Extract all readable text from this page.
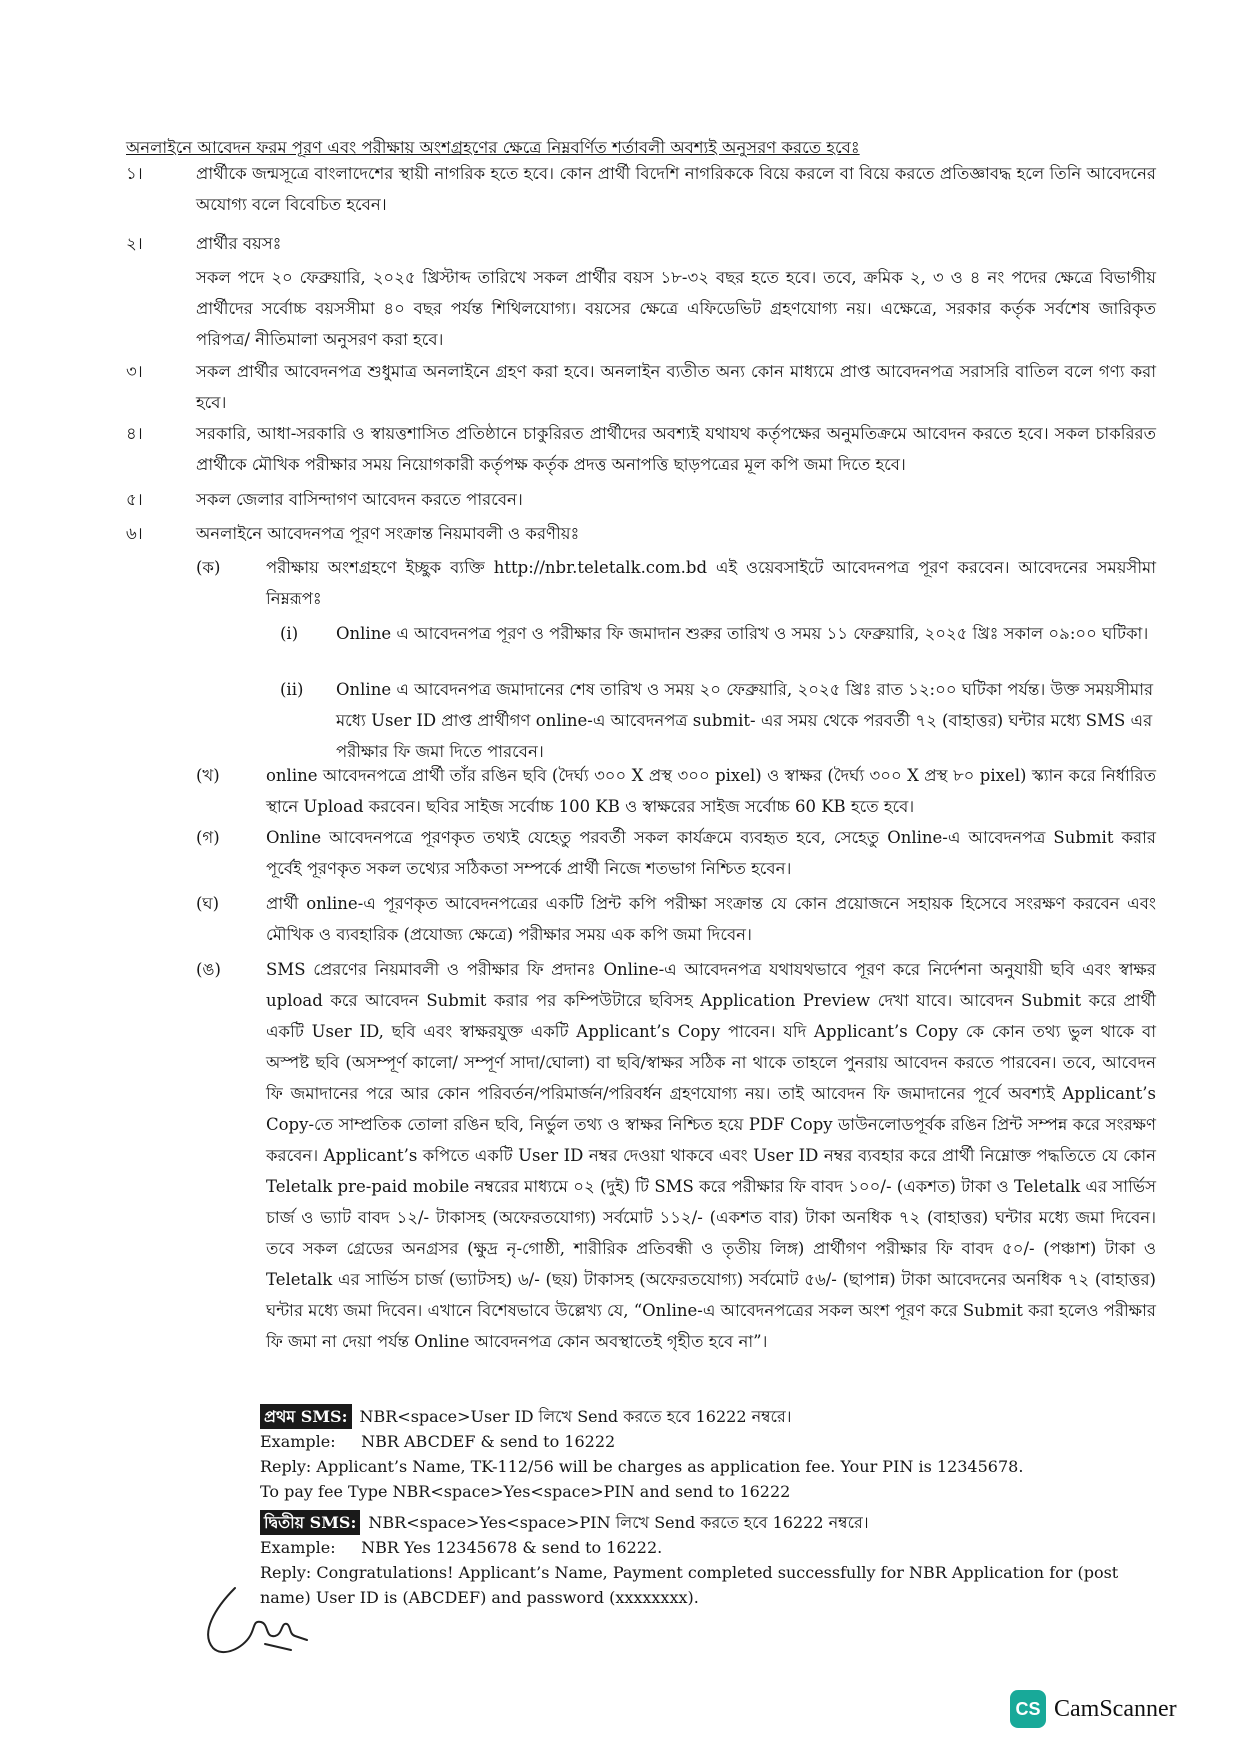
অনলাইনে আবেদন ফরম পূরণ এবং পরীক্ষায় অংশগ্রহণের ক্ষেত্রে নিম্নবর্ণিত শর্তাবলী অবশ্যই অনুসরণ করতে হবেঃ
১।	প্রার্থীকে জন্মসূত্রে বাংলাদেশের স্থায়ী নাগরিক হতে হবে। কোন প্রার্থী বিদেশি নাগরিককে বিয়ে করলে বা বিয়ে করতে প্রতিজ্ঞাবদ্ধ হলে তিনি আবেদনের অযোগ্য বলে বিবেচিত হবেন।
২।	প্রার্থীর বয়সঃ
সকল পদে ২০ ফেব্রুয়ারি, ২০২৫ খ্রিস্টাব্দ তারিখে সকল প্রার্থীর বয়স ১৮-৩২ বছর হতে হবে। তবে, ক্রমিক ২, ৩ ও ৪ নং পদের ক্ষেত্রে বিভাগীয় প্রার্থীদের সর্বোচ্চ বয়সসীমা ৪০ বছর পর্যন্ত শিথিলযোগ্য। বয়সের ক্ষেত্রে এফিডেভিট গ্রহণযোগ্য নয়। এক্ষেত্রে, সরকার কর্তৃক সর্বশেষ জারিকৃত পরিপত্র/ নীতিমালা অনুসরণ করা হবে।
৩।	সকল প্রার্থীর আবেদনপত্র শুধুমাত্র অনলাইনে গ্রহণ করা হবে। অনলাইন ব্যতীত অন্য কোন মাধ্যমে প্রাপ্ত আবেদনপত্র সরাসরি বাতিল বলে গণ্য করা হবে।
৪।	সরকারি, আধা-সরকারি ও স্বায়ত্তশাসিত প্রতিষ্ঠানে চাকুরিরত প্রার্থীদের অবশ্যই যথাযথ কর্তৃপক্ষের অনুমতিক্রমে আবেদন করতে হবে। সকল চাকরিরত প্রার্থীকে মৌখিক পরীক্ষার সময় নিয়োগকারী কর্তৃপক্ষ কর্তৃক প্রদত্ত অনাপত্তি ছাড়পত্রের মূল কপি জমা দিতে হবে।
৫।	সকল জেলার বাসিন্দাগণ আবেদন করতে পারবেন।
৬।	অনলাইনে আবেদনপত্র পূরণ সংক্রান্ত নিয়মাবলী ও করণীয়ঃ
(ক)	পরীক্ষায় অংশগ্রহণে ইচ্ছুক ব্যক্তি http://nbr.teletalk.com.bd এই ওয়েবসাইটে আবেদনপত্র পূরণ করবেন। আবেদনের সময়সীমা নিম্নরূপঃ
(i) Online এ আবেদনপত্র পূরণ ও পরীক্ষার ফি জমাদান শুরুর তারিখ ও সময় ১১ ফেব্রুয়ারি, ২০২৫ খ্রিঃ সকাল ০৯:০০ ঘটিকা।
(ii) Online এ আবেদনপত্র জমাদানের শেষ তারিখ ও সময় ২০ ফেব্রুয়ারি, ২০২৫ খ্রিঃ রাত ১২:০০ ঘটিকা পর্যন্ত। উক্ত সময়সীমার মধ্যে User ID প্রাপ্ত প্রার্থীগণ online-এ আবেদনপত্র submit- এর সময় থেকে পরবর্তী ৭২ (বাহাত্তর) ঘন্টার মধ্যে SMS এর পরীক্ষার ফি জমা দিতে পারবেন।
(খ)	online আবেদনপত্রে প্রার্থী তাঁর রঙিন ছবি (দৈর্ঘ্য ৩০০ X প্রস্থ ৩০০ pixel) ও স্বাক্ষর (দৈর্ঘ্য ৩০০ X প্রস্থ ৮০ pixel) স্ক্যান করে নির্ধারিত স্থানে Upload করবেন। ছবির সাইজ সর্বোচ্চ 100 KB ও স্বাক্ষরের সাইজ সর্বোচ্চ 60 KB হতে হবে।
(গ)	Online আবেদনপত্রে পূরণকৃত তথ্যই যেহেতু পরবর্তী সকল কার্যক্রমে ব্যবহৃত হবে, সেহেতু Online-এ আবেদনপত্র Submit করার পূর্বেই পূরণকৃত সকল তথ্যের সঠিকতা সম্পর্কে প্রার্থী নিজে শতভাগ নিশ্চিত হবেন।
(ঘ)	প্রার্থী online-এ পূরণকৃত আবেদনপত্রের একটি প্রিন্ট কপি পরীক্ষা সংক্রান্ত যে কোন প্রয়োজনে সহায়ক হিসেবে সংরক্ষণ করবেন এবং মৌখিক ও ব্যবহারিক (প্রযোজ্য ক্ষেত্রে) পরীক্ষার সময় এক কপি জমা দিবেন।
(ঙ)	SMS প্রেরণের নিয়মাবলী ও পরীক্ষার ফি প্রদানঃ Online-এ আবেদনপত্র যথাযথভাবে পূরণ করে নির্দেশনা অনুযায়ী ছবি এবং স্বাক্ষর upload করে আবেদন Submit করার পর কম্পিউটারে ছবিসহ Application Preview দেখা যাবে। আবেদন Submit করে প্রার্থী একটি User ID, ছবি এবং স্বাক্ষরযুক্ত একটি Applicant’s Copy পাবেন। যদি Applicant’s Copy কে কোন তথ্য ভুল থাকে বা অস্পষ্ট ছবি (অসম্পূর্ণ কালো/ সম্পূর্ণ সাদা/ঘোলা) বা ছবি/স্বাক্ষর সঠিক না থাকে তাহলে পুনরায় আবেদন করতে পারবেন। তবে, আবেদন ফি জমাদানের পরে আর কোন পরিবর্তন/পরিমার্জন/পরিবর্ধন গ্রহণযোগ্য নয়। তাই আবেদন ফি জমাদানের পূর্বে অবশ্যই Applicant’s Copy-তে সাম্প্রতিক তোলা রঙিন ছবি, নির্ভুল তথ্য ও স্বাক্ষর নিশ্চিত হয়ে PDF Copy ডাউনলোডপূর্বক রঙিন প্রিন্ট সম্পন্ন করে সংরক্ষণ করবেন। Applicant’s কপিতে একটি User ID নম্বর দেওয়া থাকবে এবং User ID নম্বর ব্যবহার করে প্রার্থী নিম্নোক্ত পদ্ধতিতে যে কোন Teletalk pre-paid mobile নম্বরের মাধ্যমে ০২ (দুই) টি SMS করে পরীক্ষার ফি বাবদ ১০০/- (একশত) টাকা ও Teletalk এর সার্ভিস চার্জ ও ভ্যাট বাবদ ১২/- টাকাসহ (অফেরতযোগ্য) সর্বমোট ১১২/- (একশত বার) টাকা অনধিক ৭২ (বাহাত্তর) ঘন্টার মধ্যে জমা দিবেন। তবে সকল গ্রেডের অনগ্রসর (ক্ষুদ্র নৃ-গোষ্ঠী, শারীরিক প্রতিবন্ধী ও তৃতীয় লিঙ্গ) প্রার্থীগণ পরীক্ষার ফি বাবদ ৫০/- (পঞ্চাশ) টাকা ও Teletalk এর সার্ভিস চার্জ (ভ্যাটসহ) ৬/- (ছয়) টাকাসহ (অফেরতযোগ্য) সর্বমোট ৫৬/- (ছাপান্ন) টাকা আবেদনের অনধিক ৭২ (বাহাত্তর) ঘন্টার মধ্যে জমা দিবেন। এখানে বিশেষভাবে উল্লেখ্য যে, “Online-এ আবেদনপত্রের সকল অংশ পূরণ করে Submit করা হলেও পরীক্ষার ফি জমা না দেয়া পর্যন্ত Online আবেদনপত্র কোন অবস্থাতেই গৃহীত হবে না”।
প্রথম SMS: NBR<space>User ID লিখে Send করতে হবে 16222 নম্বরে।
Example: NBR ABCDEF & send to 16222
Reply: Applicant’s Name, TK-112/56 will be charges as application fee. Your PIN is 12345678.
To pay fee Type NBR<space>Yes<space>PIN and send to 16222
দ্বিতীয় SMS: NBR<space>Yes<space>PIN লিখে Send করতে হবে 16222 নম্বরে।
Example: NBR Yes 12345678 & send to 16222.
Reply: Congratulations! Applicant’s Name, Payment completed successfully for NBR Application for (post name) User ID is (ABCDEF) and password (xxxxxxxx).
CS CamScanner
